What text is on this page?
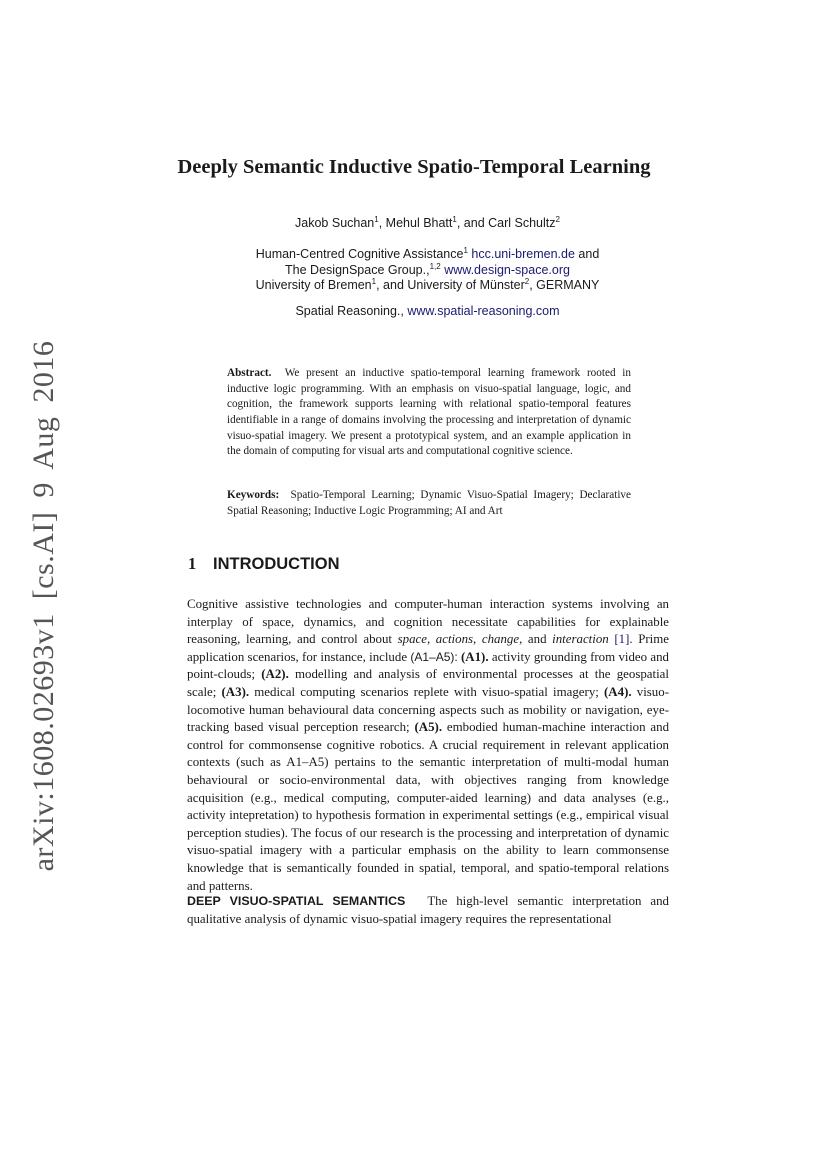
arXiv:1608.02693v1 [cs.AI] 9 Aug 2016
Deeply Semantic Inductive Spatio-Temporal Learning
Jakob Suchan$^1$, Mehul Bhatt$^1$, and Carl Schultz$^2$
Human-Centred Cognitive Assistance$^1$ hcc.uni-bremen.de and
The DesignSpace Group.,$^{1,2}$ www.design-space.org
University of Bremen$^1$, and University of Münster$^2$, GERMANY
Spatial Reasoning., www.spatial-reasoning.com
Abstract. We present an inductive spatio-temporal learning framework rooted in inductive logic programming. With an emphasis on visuo-spatial language, logic, and cognition, the framework supports learning with relational spatio-temporal features identifiable in a range of domains involving the processing and interpretation of dynamic visuo-spatial imagery. We present a prototypical system, and an example application in the domain of computing for visual arts and computational cognitive science.
Keywords: Spatio-Temporal Learning; Dynamic Visuo-Spatial Imagery; Declarative Spatial Reasoning; Inductive Logic Programming; AI and Art
1 INTRODUCTION
Cognitive assistive technologies and computer-human interaction systems involving an interplay of space, dynamics, and cognition necessitate capabilities for explainable reasoning, learning, and control about space, actions, change, and interaction [1]. Prime application scenarios, for instance, include (A1–A5): (A1). activity grounding from video and point-clouds; (A2). modelling and analysis of environmental processes at the geospatial scale; (A3). medical computing scenarios replete with visuo-spatial imagery; (A4). visuo-locomotive human behavioural data concerning aspects such as mobility or navigation, eye-tracking based visual perception research; (A5). embodied human-machine interaction and control for commonsense cognitive robotics. A crucial requirement in relevant application contexts (such as A1–A5) pertains to the semantic interpretation of multi-modal human behavioural or socio-environmental data, with objectives ranging from knowledge acquisition (e.g., medical computing, computer-aided learning) and data analyses (e.g., activity intepretation) to hypothesis formation in experimental settings (e.g., empirical visual perception studies). The focus of our research is the processing and interpretation of dynamic visuo-spatial imagery with a particular emphasis on the ability to learn commonsense knowledge that is semantically founded in spatial, temporal, and spatio-temporal relations and patterns.
DEEP VISUO-SPATIAL SEMANTICS The high-level semantic interpretation and qualitative analysis of dynamic visuo-spatial imagery requires the representational
